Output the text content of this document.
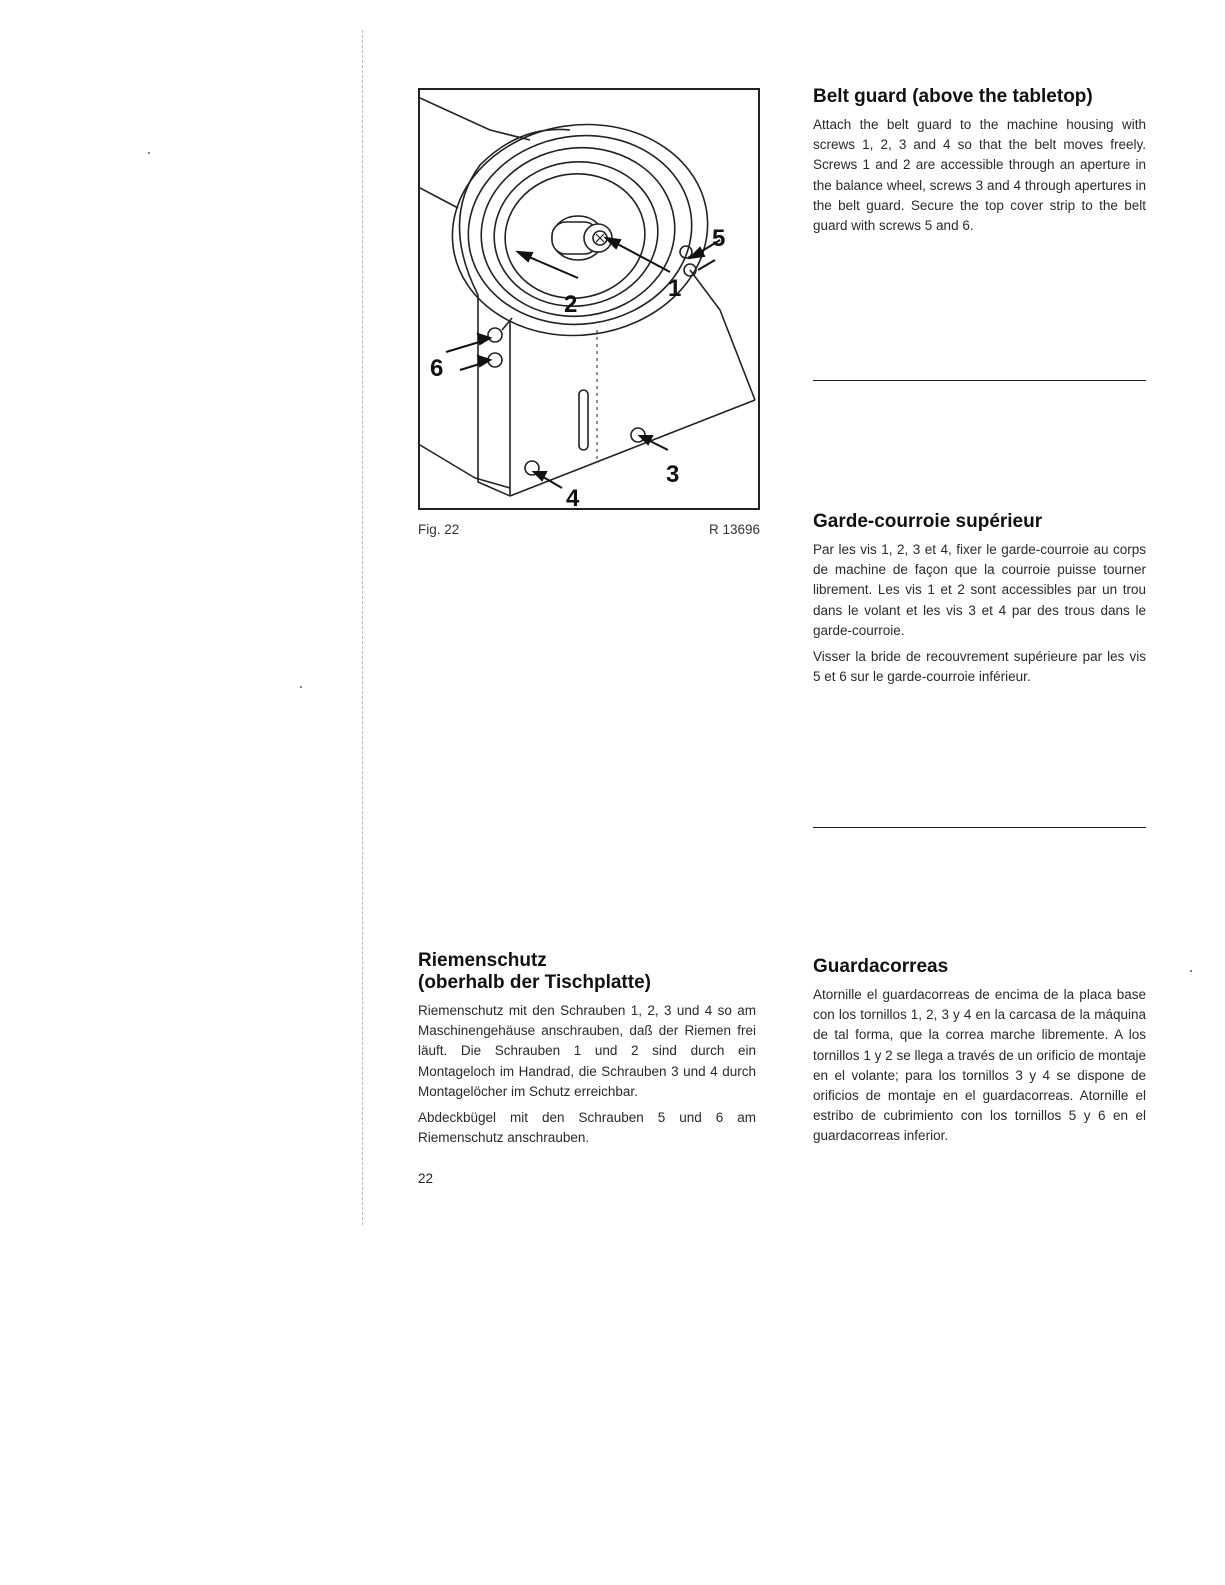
1
2
3
4
5
6
Fig. 22	R 13696
Belt guard (above the tabletop)

Attach the belt guard to the machine housing with screws 1, 2, 3 and 4 so that the belt moves freely. Screws 1 and 2 are accessible through an aperture in the balance wheel, screws 3 and 4 through apertures in the belt guard. Secure the top cover strip to the belt guard with screws 5 and 6.

Garde-courroie supérieur

Par les vis 1, 2, 3 et 4, fixer le garde-courroie au corps de machine de façon que la courroie puisse tourner librement. Les vis 1 et 2 sont accessibles par un trou dans le volant et les vis 3 et 4 par des trous dans le garde-courroie.

Visser la bride de recouvrement supérieure par les vis 5 et 6 sur le garde-courroie inférieur.

Riemenschutz
(oberhalb der Tischplatte)

Riemenschutz mit den Schrauben 1, 2, 3 und 4 so am Maschinengehäuse anschrauben, daß der Riemen frei läuft. Die Schrauben 1 und 2 sind durch ein Montageloch im Handrad, die Schrauben 3 und 4 durch Montagelöcher im Schutz erreichbar.

Abdeckbügel mit den Schrauben 5 und 6 am Riemenschutz anschrauben.

Guardacorreas

Atornille el guardacorreas de encima de la placa base con los tornillos 1, 2, 3 y 4 en la carcasa de la máquina de tal forma, que la correa marche libremente. A los tornillos 1 y 2 se llega a través de un orificio de montaje en el volante; para los tornillos 3 y 4 se dispone de orificios de montaje en el guardacorreas. Atornille el estribo de cubrimiento con los tornillos 5 y 6 en el guardacorreas inferior.

22
